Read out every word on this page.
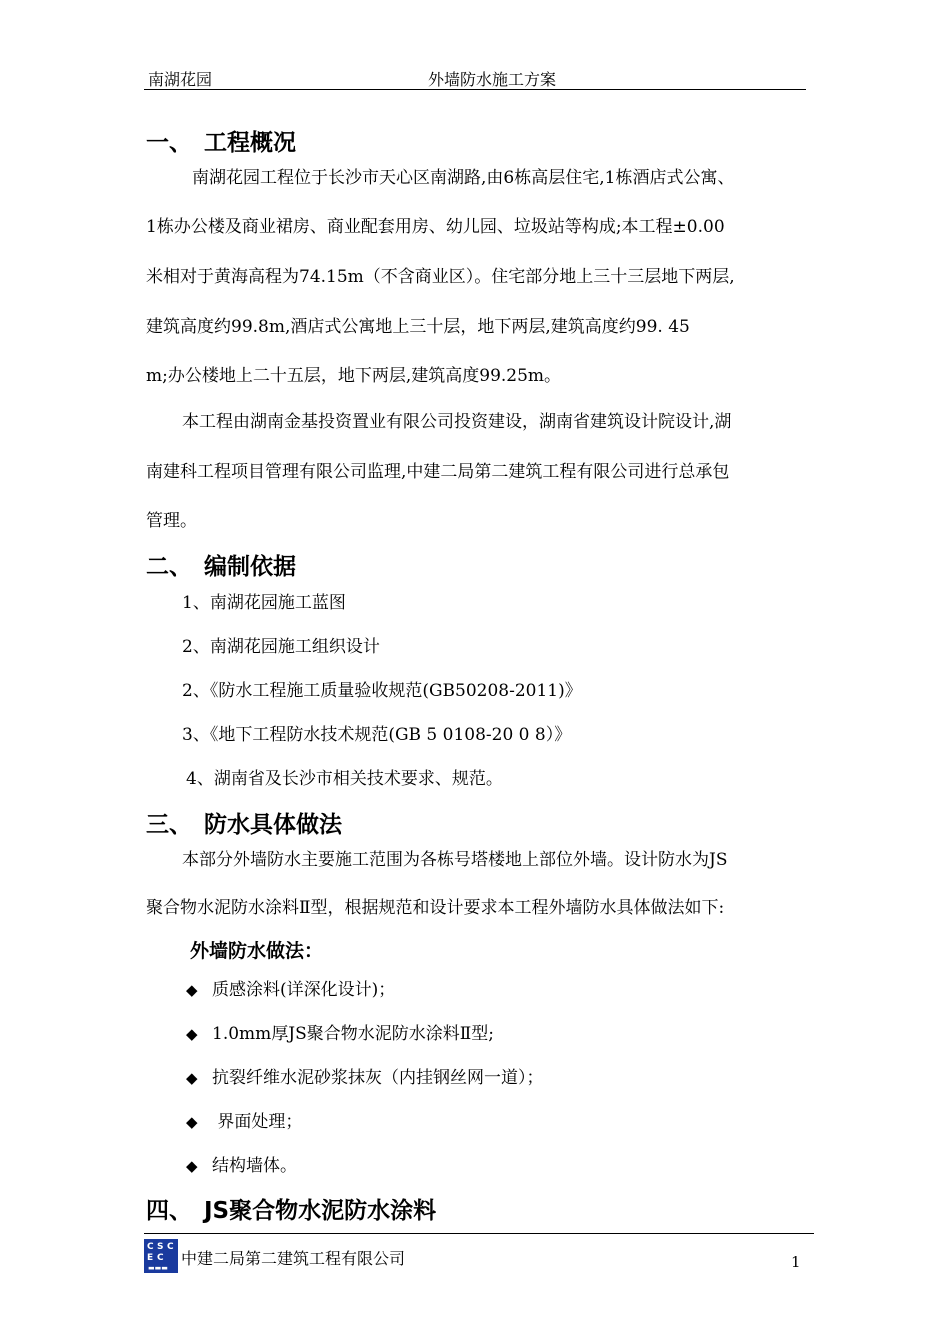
南湖花园	外墙防水施工方案
一、 工程概况
南湖花园工程位于长沙市天心区南湖路,由6栋高层住宅,1栋酒店式公寓、
1栋办公楼及商业裙房、商业配套用房、幼儿园、垃圾站等构成;本工程±0.00
米相对于黄海高程为74.15m（不含商业区）。住宅部分地上三十三层地下两层,
建筑高度约99.8m,酒店式公寓地上三十层，地下两层,建筑高度约99. 45
m;办公楼地上二十五层，地下两层,建筑高度99.25m。
本工程由湖南金基投资置业有限公司投资建设，湖南省建筑设计院设计,湖
南建科工程项目管理有限公司监理,中建二局第二建筑工程有限公司进行总承包
管理。
二、 编制依据
1、南湖花园施工蓝图
2、南湖花园施工组织设计
2、《防水工程施工质量验收规范(GB50208-2011)》
3、《地下工程防水技术规范(GB 5 0108-20 0 8）》
4、湖南省及长沙市相关技术要求、规范。
三、 防水具体做法
本部分外墙防水主要施工范围为各栋号塔楼地上部位外墙。设计防水为JS
聚合物水泥防水涂料Ⅱ型，根据规范和设计要求本工程外墙防水具体做法如下:
外墙防水做法：
◆ 质感涂料(详深化设计)；
◆ 1.0mm厚JS聚合物水泥防水涂料Ⅱ型;
◆ 抗裂纤维水泥砂浆抹灰（内挂钢丝网一道）；
◆ 界面处理；
◆ 结构墙体。
四、 JS聚合物水泥防水涂料
C S C
E C
▬▬▬ 中建二局第二建筑工程有限公司	1
